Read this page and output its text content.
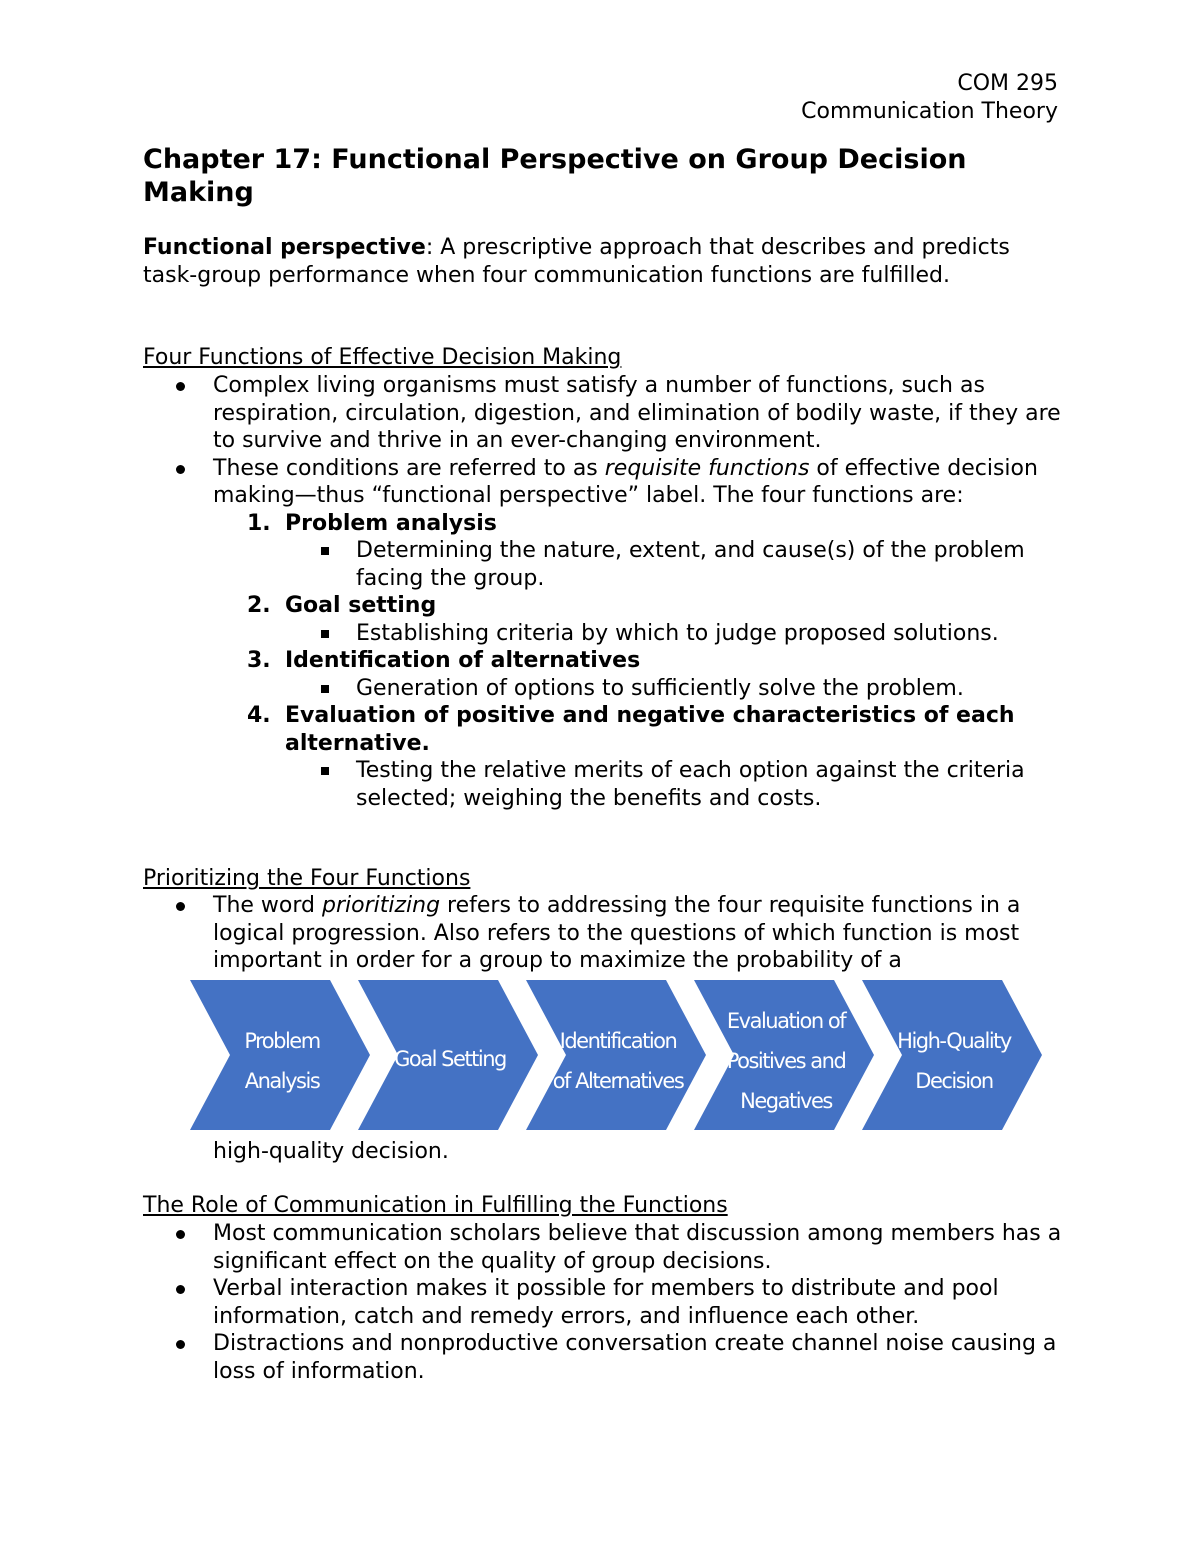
COM 295
Communication Theory
Chapter 17: Functional Perspective on Group Decision Making

Functional perspective: A prescriptive approach that describes and predicts task-group performance when four communication functions are fulfilled.

Four Functions of Effective Decision Making

Complex living organisms must satisfy a number of functions, such as respiration, circulation, digestion, and elimination of bodily waste, if they are to survive and thrive in an ever-changing environment.
These conditions are referred to as requisite functions of effective decision making—thus “functional perspective” label. The four functions are:
1. Problem analysis
Determining the nature, extent, and cause(s) of the problem facing the group.
2. Goal setting
Establishing criteria by which to judge proposed solutions.
3. Identification of alternatives
Generation of options to sufficiently solve the problem.
4. Evaluation of positive and negative characteristics of each alternative.
Testing the relative merits of each option against the criteria selected; weighing the benefits and costs.

Prioritizing the Four Functions

The word prioritizing refers to addressing the four requisite functions in a logical progression. Also refers to the questions of which function is most important in order for a group to maximize the probability of a
Problem
Analysis
Goal Setting
Identification
of Alternatives
Evaluation of
Positives and
Negatives
High-Quality
Decision

high-quality decision.

The Role of Communication in Fulfilling the Functions

Most communication scholars believe that discussion among members has a significant effect on the quality of group decisions.
Verbal interaction makes it possible for members to distribute and pool information, catch and remedy errors, and influence each other.
Distractions and nonproductive conversation create channel noise causing a loss of information.
